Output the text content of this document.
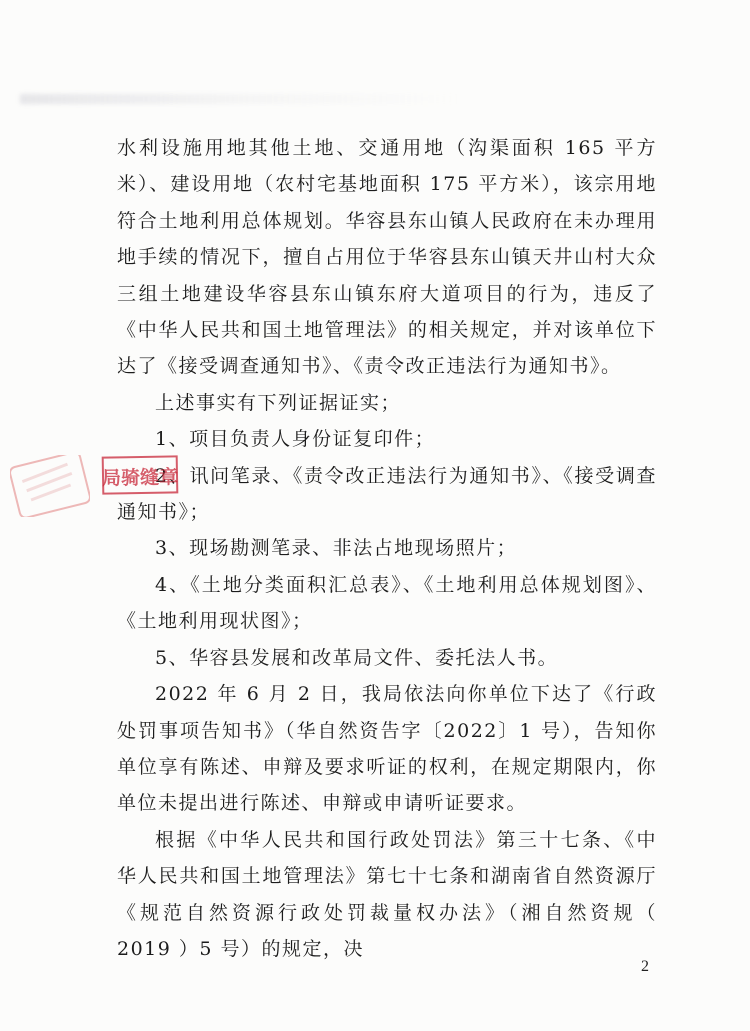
水利设施用地其他土地、交通用地（沟渠面积 165 平方米）、建设用地（农村宅基地面积 175 平方米），该宗用地符合土地利用总体规划。华容县东山镇人民政府在未办理用地手续的情况下，擅自占用位于华容县东山镇天井山村大众三组土地建设华容县东山镇东府大道项目的行为，违反了《中华人民共和国土地管理法》的相关规定，并对该单位下达了《接受调查通知书》、《责令改正违法行为通知书》。

上述事实有下列证据证实；

1、项目负责人身份证复印件；

2、讯问笔录、《责令改正违法行为通知书》、《接受调查通知书》；

3、现场勘测笔录、非法占地现场照片；

4、《土地分类面积汇总表》、《土地利用总体规划图》、《土地利用现状图》；

5、华容县发展和改革局文件、委托法人书。

2022 年 6 月 2 日，我局依法向你单位下达了《行政处罚事项告知书》（华自然资告字〔2022〕1 号），告知你单位享有陈述、申辩及要求听证的权利，在规定期限内，你单位未提出进行陈述、申辩或申请听证要求。

根据《中华人民共和国行政处罚法》第三十七条、《中华人民共和国土地管理法》第七十七条和湖南省自然资源厅《规范自然资源行政处罚裁量权办法》（湘自然资规（ 2019 ）5 号）的规定，决

局骑缝章
2
